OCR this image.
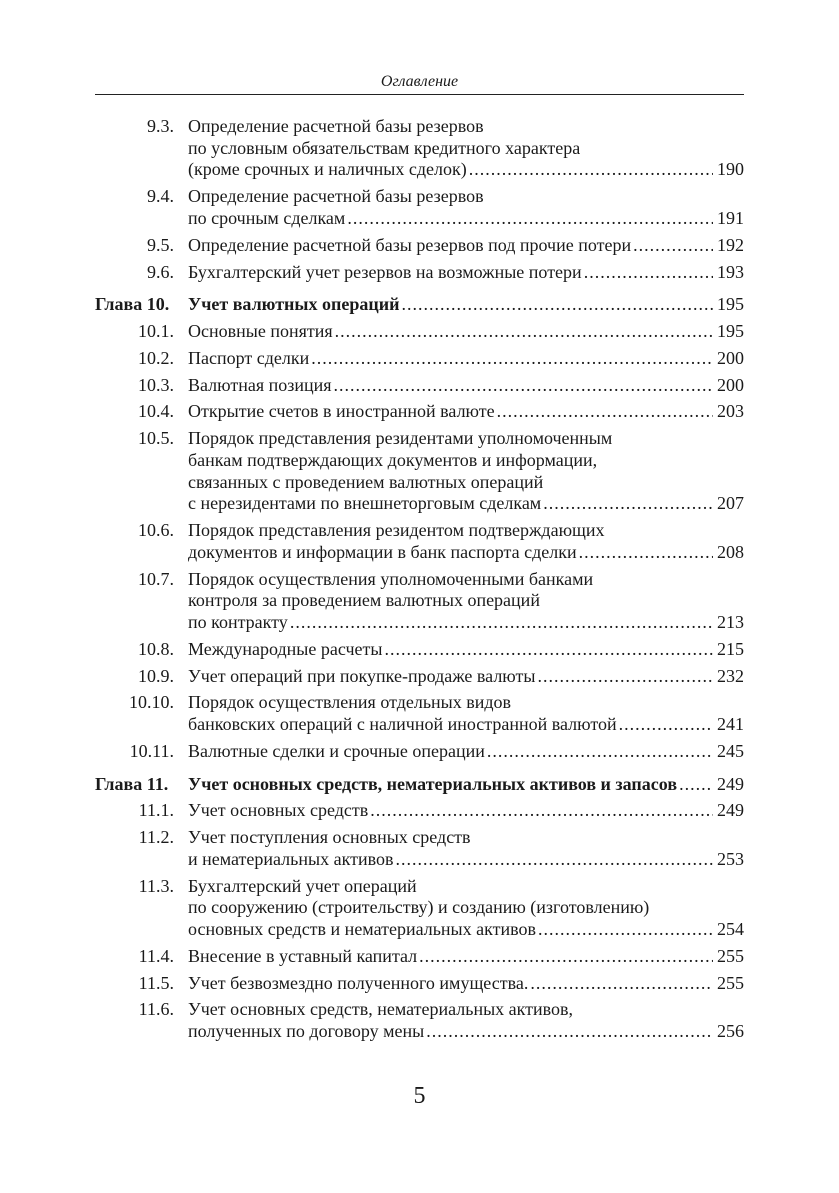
Оглавление
9.3. Определение расчетной базы резервов
по условным обязательствам кредитного характера
(кроме срочных и наличных сделок) .....	190
9.4. Определение расчетной базы резервов
по срочным сделкам .....	191
9.5. Определение расчетной базы резервов под прочие потери .....	192
9.6. Бухгалтерский учет резервов на возможные потери .....	193
Глава 10.	Учет валютных операций .....	195
10.1. Основные понятия .....	195
10.2. Паспорт сделки .....	200
10.3. Валютная позиция .....	200
10.4. Открытие счетов в иностранной валюте .....	203
10.5. Порядок представления резидентами уполномоченным
банкам подтверждающих документов и информации,
связанных с проведением валютных операций
с нерезидентами по внешнеторговым сделкам .....	207
10.6. Порядок представления резидентом подтверждающих
документов и информации в банк паспорта сделки .....	208
10.7. Порядок осуществления уполномоченными банками
контроля за проведением валютных операций
по контракту .....	213
10.8. Международные расчеты .....	215
10.9. Учет операций при покупке-продаже валюты .....	232
10.10. Порядок осуществления отдельных видов
банковских операций с наличной иностранной валютой .....	241
10.11. Валютные сделки и срочные операции .....	245
Глава 11.	Учет основных средств, нематериальных активов и запасов ..... 249
11.1. Учет основных средств .....	249
11.2. Учет поступления основных средств
и нематериальных активов .....	253
11.3. Бухгалтерский учет операций
по сооружению (строительству) и созданию (изготовлению)
основных средств и нематериальных активов .....	254
11.4. Внесение в уставный капитал .....	255
11.5. Учет безвозмездно полученного имущества. .....	255
11.6. Учет основных средств, нематериальных активов,
полученных по договору мены .....	256
5
